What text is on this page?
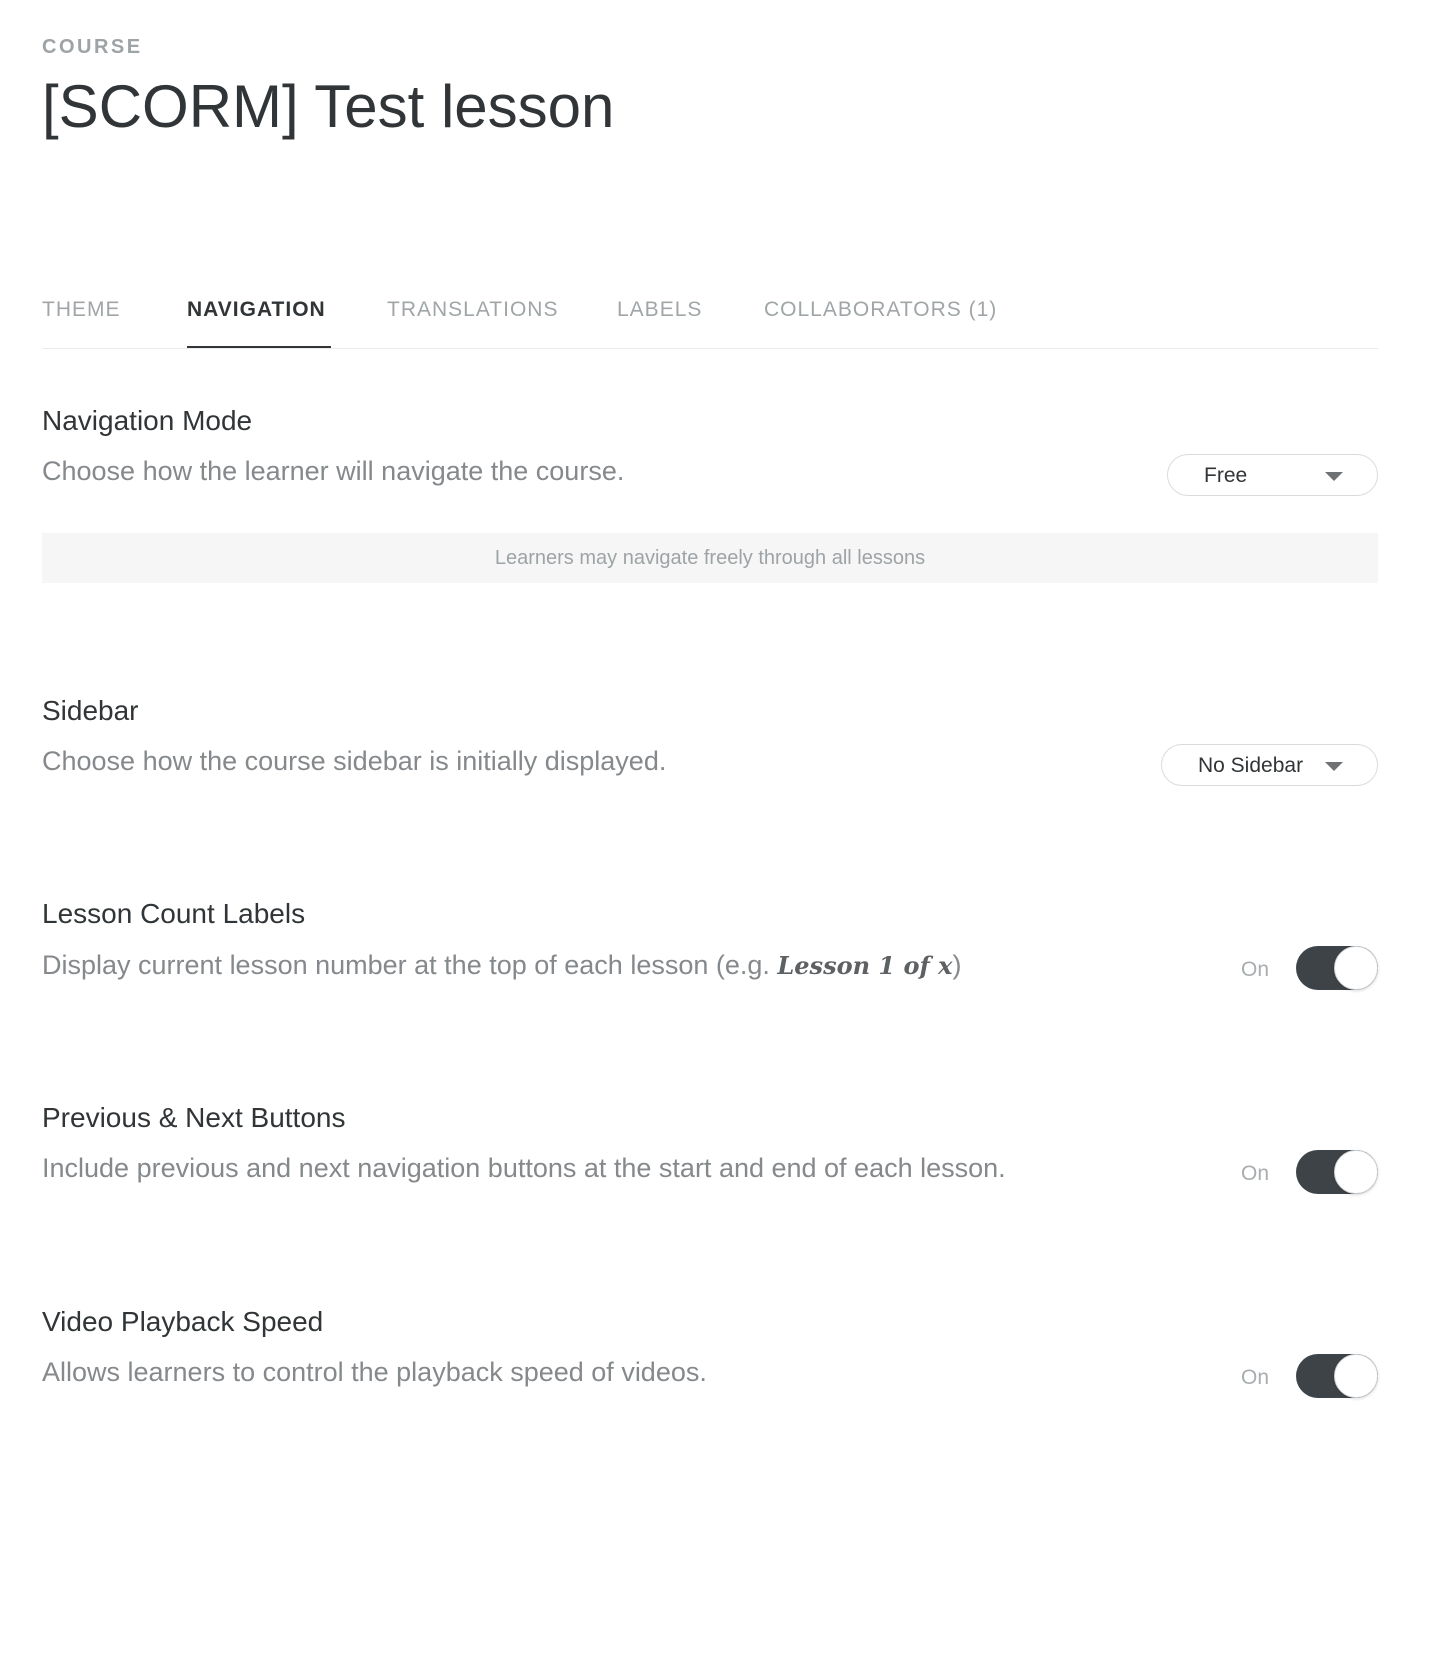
COURSE
[SCORM] Test lesson
THEME	NAVIGATION	TRANSLATIONS	LABELS	COLLABORATORS (1)
Navigation Mode

Choose how the learner will navigate the course.	Free
Learners may navigate freely through all lessons
Sidebar

Choose how the course sidebar is initially displayed.	No Sidebar
Lesson Count Labels

Display current lesson number at the top of each lesson (e.g. Lesson 1 of x)	On
Previous & Next Buttons

Include previous and next navigation buttons at the start and end of each lesson.	On
Video Playback Speed

Allows learners to control the playback speed of videos.	On
